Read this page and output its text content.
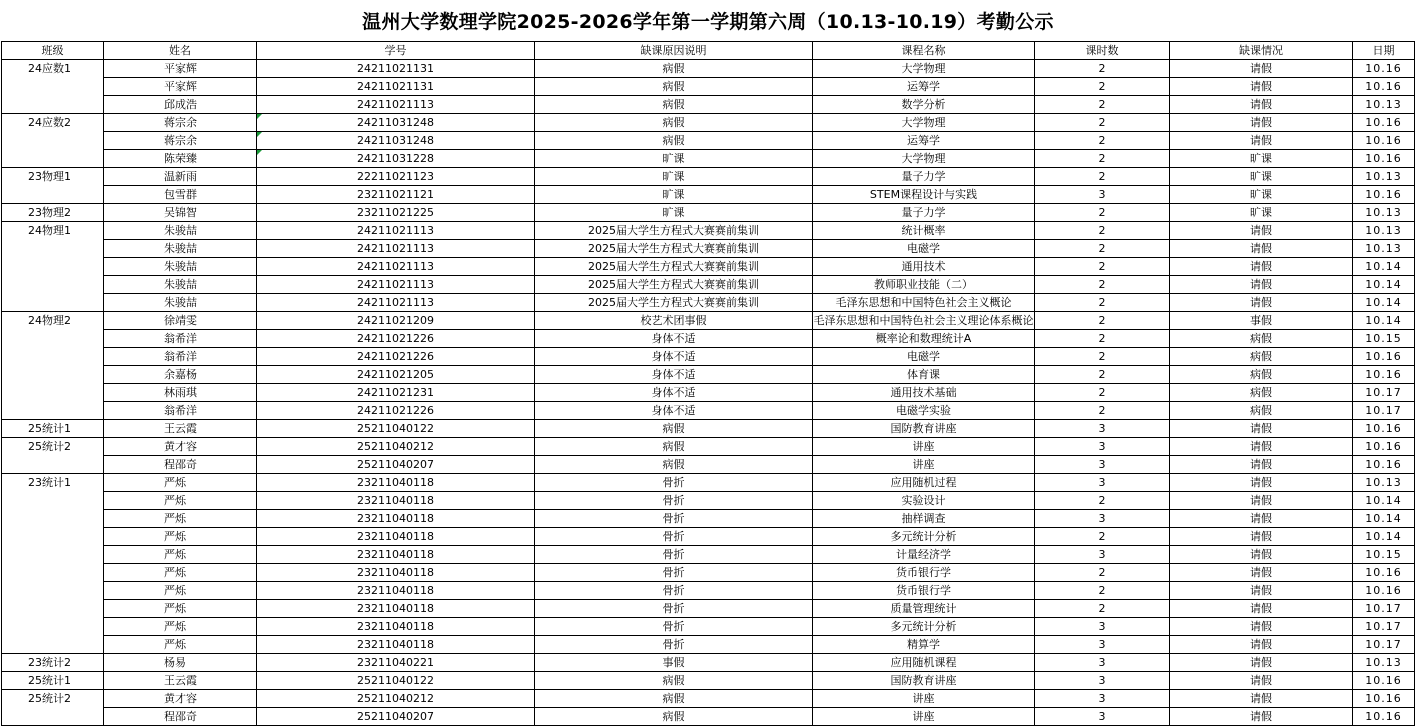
温州大学数理学院2025-2026学年第一学期第六周（10.13-10.19）考勤公示
班级	姓名	学号	缺课原因说明	课程名称	课时数	缺课情况	日期
24应数1	平家辉	24211021131	病假	大学物理	2	请假	10.16
	平家辉	24211021131	病假	运筹学	2	请假	10.16
	邱成浩	24211021113	病假	数学分析	2	请假	10.13
24应数2	蒋宗余	24211031248	病假	大学物理	2	请假	10.16
	蒋宗余	24211031248	病假	运筹学	2	请假	10.16
	陈荣臻	24211031228	旷课	大学物理	2	旷课	10.16
23物理1	温新雨	22211021123	旷课	量子力学	2	旷课	10.13
	包雪群	23211021121	旷课	STEM课程设计与实践	3	旷课	10.16
23物理2	吴锦智	23211021225	旷课	量子力学	2	旷课	10.13
24物理1	朱骏喆	24211021113	2025届大学生方程式大赛赛前集训	统计概率	2	请假	10.13
	朱骏喆	24211021113	2025届大学生方程式大赛赛前集训	电磁学	2	请假	10.13
	朱骏喆	24211021113	2025届大学生方程式大赛赛前集训	通用技术	2	请假	10.14
	朱骏喆	24211021113	2025届大学生方程式大赛赛前集训	教师职业技能（二）	2	请假	10.14
	朱骏喆	24211021113	2025届大学生方程式大赛赛前集训	毛泽东思想和中国特色社会主义概论	2	请假	10.14
24物理2	徐靖雯	24211021209	校艺术团事假	毛泽东思想和中国特色社会主义理论体系概论	2	事假	10.14
	翁希洋	24211021226	身体不适	概率论和数理统计A	2	病假	10.15
	翁希洋	24211021226	身体不适	电磁学	2	病假	10.16
	余嘉杨	24211021205	身体不适	体育课	2	病假	10.16
	林雨琪	24211021231	身体不适	通用技术基础	2	病假	10.17
	翁希洋	24211021226	身体不适	电磁学实验	2	病假	10.17
25统计1	王云霞	25211040122	病假	国防教育讲座	3	请假	10.16
25统计2	黄才容	25211040212	病假	讲座	3	请假	10.16
	程邵奇	25211040207	病假	讲座	3	请假	10.16
23统计1	严烁	23211040118	骨折	应用随机过程	3	请假	10.13
	严烁	23211040118	骨折	实验设计	2	请假	10.14
	严烁	23211040118	骨折	抽样调查	3	请假	10.14
	严烁	23211040118	骨折	多元统计分析	2	请假	10.14
	严烁	23211040118	骨折	计量经济学	3	请假	10.15
	严烁	23211040118	骨折	货币银行学	2	请假	10.16
	严烁	23211040118	骨折	货币银行学	2	请假	10.16
	严烁	23211040118	骨折	质量管理统计	2	请假	10.17
	严烁	23211040118	骨折	多元统计分析	3	请假	10.17
	严烁	23211040118	骨折	精算学	3	请假	10.17
23统计2	杨易	23211040221	事假	应用随机课程	3	请假	10.13
25统计1	王云霞	25211040122	病假	国防教育讲座	3	请假	10.16
25统计2	黄才容	25211040212	病假	讲座	3	请假	10.16
	程邵奇	25211040207	病假	讲座	3	请假	10.16
